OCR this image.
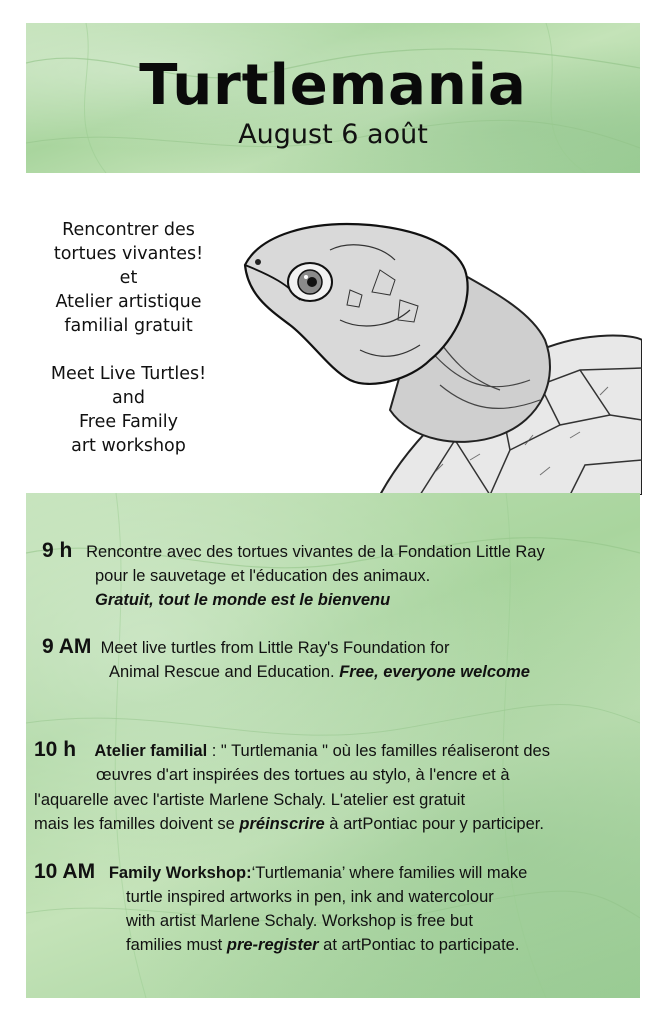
Turtlemania
August 6 août
Rencontrer des
tortues vivantes!
et
Atelier artistique
familial gratuit
Meet Live Turtles!
and
Free Family
art workshop
9 h Rencontre avec des tortues vivantes de la Fondation Little Ray
pour le sauvetage et l'éducation des animaux.
Gratuit, tout le monde est le bienvenu
9 AM Meet live turtles from Little Ray's Foundation for
Animal Rescue and Education. Free, everyone welcome
10 h Atelier familial : " Turtlemania " où les familles réaliseront des
œuvres d'art inspirées des tortues au stylo, à l'encre et à
l'aquarelle avec l'artiste Marlene Schaly. L'atelier est gratuit
mais les familles doivent se préinscrire à artPontiac pour y participer.
10 AM Family Workshop:‘Turtlemania’ where families will make
turtle inspired artworks in pen, ink and watercolour
with artist Marlene Schaly. Workshop is free but
families must pre-register at artPontiac to participate.
